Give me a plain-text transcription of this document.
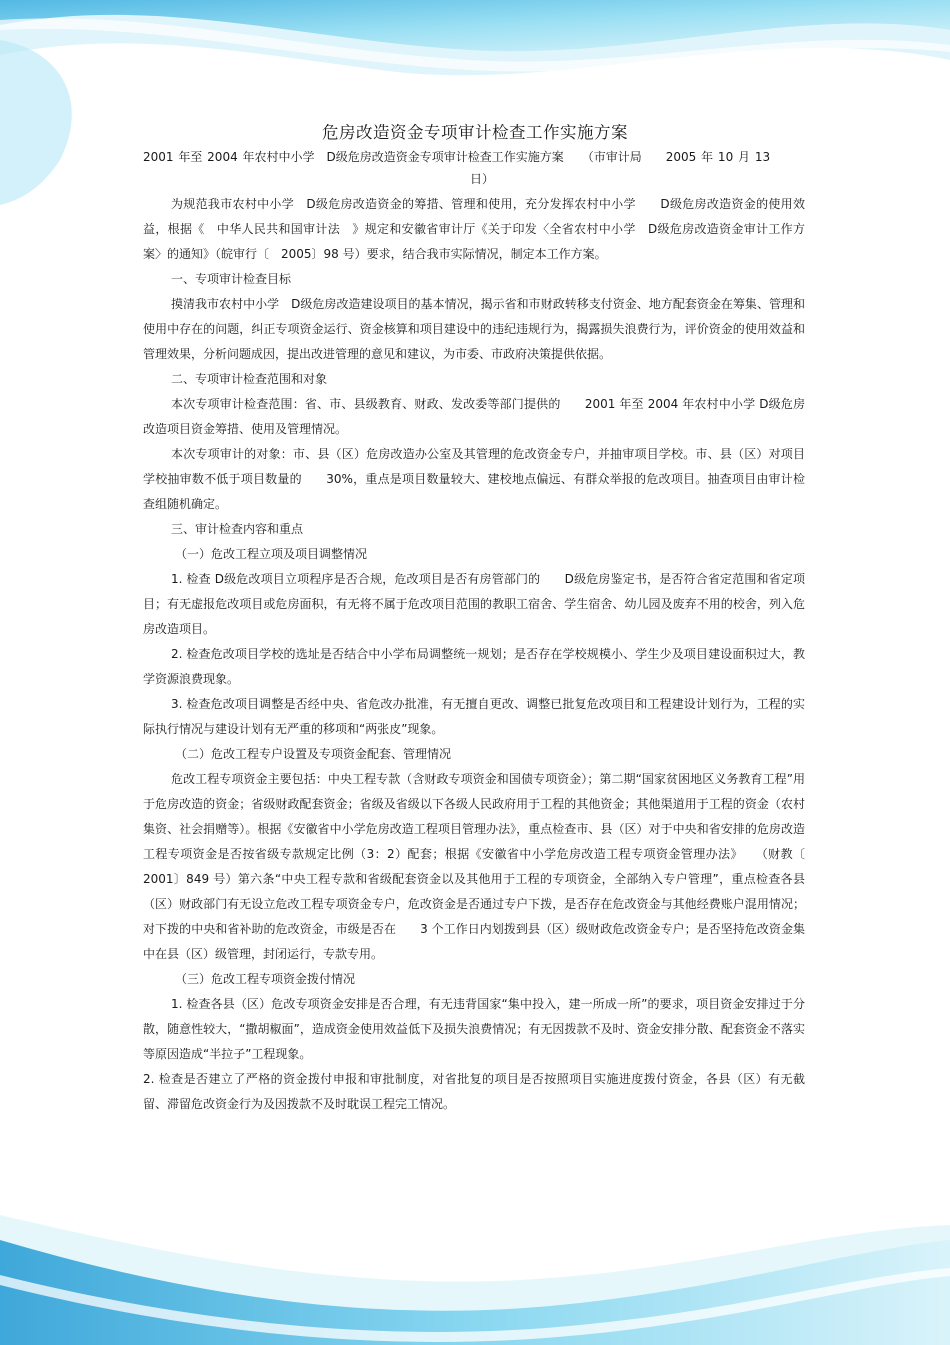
危房改造资金专项审计检查工作实施方案
2001 年至 2004 年农村中小学　D级危房改造资金专项审计检查工作实施方案　　（市审计局　　2005 年 10 月 13
日）

为规范我市农村中小学　D级危房改造资金的筹措、管理和使用，充分发挥农村中小学　　D级危房改造资金的使用效益，根据《　中华人民共和国审计法　》规定和安徽省审计厅《关于印发〈全省农村中小学　D级危房改造资金审计工作方案〉的通知》（皖审行〔　2005〕98 号）要求，结合我市实际情况，制定本工作方案。

一、专项审计检查目标

摸清我市农村中小学　D级危房改造建设项目的基本情况，揭示省和市财政转移支付资金、地方配套资金在筹集、管理和使用中存在的问题，纠正专项资金运行、资金核算和项目建设中的违纪违规行为，揭露损失浪费行为，评价资金的使用效益和管理效果，分析问题成因，提出改进管理的意见和建议，为市委、市政府决策提供依据。

二、专项审计检查范围和对象

本次专项审计检查范围：省、市、县级教育、财政、发改委等部门提供的　　2001 年至 2004 年农村中小学 D级危房改造项目资金筹措、使用及管理情况。

本次专项审计的对象：市、县（区）危房改造办公室及其管理的危改资金专户，并抽审项目学校。市、县（区）对项目学校抽审数不低于项目数量的　　30%，重点是项目数量较大、建校地点偏远、有群众举报的危改项目。抽查项目由审计检查组随机确定。

三、审计检查内容和重点

（一）危改工程立项及项目调整情况

1. 检查 D级危改项目立项程序是否合规，危改项目是否有房管部门的　　D级危房鉴定书，是否符合省定范围和省定项目；有无虚报危改项目或危房面积，有无将不属于危改项目范围的教职工宿舍、学生宿舍、幼儿园及废弃不用的校舍，列入危房改造项目。

2. 检查危改项目学校的选址是否结合中小学布局调整统一规划；是否存在学校规模小、学生少及项目建设面积过大，教学资源浪费现象。

3. 检查危改项目调整是否经中央、省危改办批准，有无擅自更改、调整已批复危改项目和工程建设计划行为，工程的实际执行情况与建设计划有无严重的移项和“两张皮”现象。

（二）危改工程专户设置及专项资金配套、管理情况

危改工程专项资金主要包括：中央工程专款（含财政专项资金和国债专项资金）；第二期“国家贫困地区义务教育工程”用于危房改造的资金；省级财政配套资金；省级及省级以下各级人民政府用于工程的其他资金；其他渠道用于工程的资金（农村集资、社会捐赠等）。根据《安徽省中小学危房改造工程项目管理办法》，重点检查市、县（区）对于中央和省安排的危房改造工程专项资金是否按省级专款规定比例（3：2）配套；根据《安徽省中小学危房改造工程专项资金管理办法》　　（财教〔 2001〕849 号）第六条“中央工程专款和省级配套资金以及其他用于工程的专项资金，全部纳入专户管理”，重点检查各县（区）财政部门有无设立危改工程专项资金专户，危改资金是否通过专户下拨，是否存在危改资金与其他经费账户混用情况；对下拨的中央和省补助的危改资金，市级是否在　　3 个工作日内划拨到县（区）级财政危改资金专户；是否坚持危改资金集中在县（区）级管理，封闭运行，专款专用。

（三）危改工程专项资金拨付情况

1. 检查各县（区）危改专项资金安排是否合理，有无违背国家“集中投入，建一所成一所”的要求，项目资金安排过于分散，随意性较大，“撒胡椒面”，造成资金使用效益低下及损失浪费情况；有无因拨款不及时、资金安排分散、配套资金不落实等原因造成“半拉子”工程现象。

2. 检查是否建立了严格的资金拨付申报和审批制度，对省批复的项目是否按照项目实施进度拨付资金，各县（区）有无截留、滞留危改资金行为及因拨款不及时耽误工程完工情况。
